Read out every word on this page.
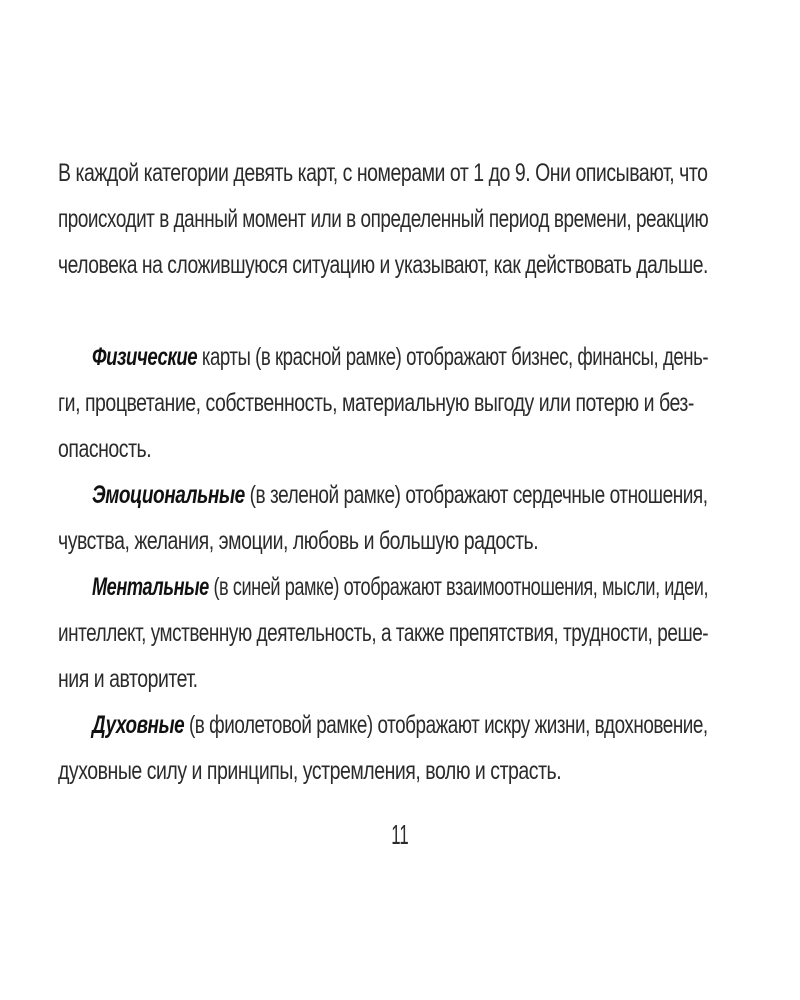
В каждой категории девять карт, с номерами от 1 до 9. Они описывают, что
происходит в данный момент или в определенный период времени, реакцию
человека на сложившуюся ситуацию и указывают, как действовать дальше.
Физические карты (в красной рамке) отображают бизнес, финансы, день-
ги, процветание, собственность, материальную выгоду или потерю и без-
опасность.
Эмоциональные (в зеленой рамке) отображают сердечные отношения,
чувства, желания, эмоции, любовь и большую радость.
Ментальные (в синей рамке) отображают взаимоотношения, мысли, идеи,
интеллект, умственную деятельность, а также препятствия, трудности, реше-
ния и авторитет.
Духовные (в фиолетовой рамке) отображают искру жизни, вдохновение,
духовные силу и принципы, устремления, волю и страсть.
11
